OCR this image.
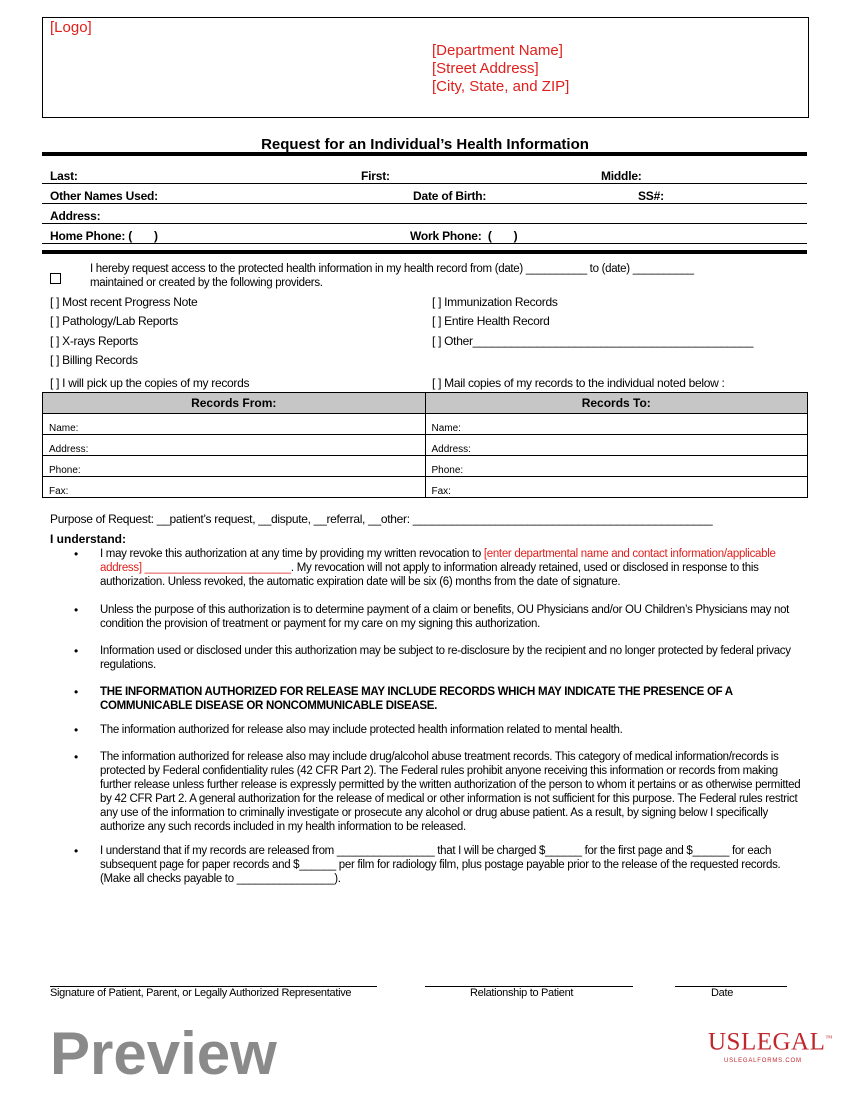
[Logo]
[Department Name]
[Street Address]
[City, State, and ZIP]
Request for an Individual’s Health Information
Last:	First:	Middle:
Other Names Used:	Date of Birth:	SS#:
Address:
Home Phone: (       )	Work Phone:  (       )
I hereby request access to the protected health information in my health record from (date) __________ to (date) __________
maintained or created by the following providers.
[ ] Most recent Progress Note
[ ] Pathology/Lab Reports
[ ] X-rays Reports
[ ] Billing Records
[ ] Immunization Records
[ ] Entire Health Record
[ ] Other____________________________________________
[ ] I will pick up the copies of my records	[ ] Mail copies of my records to the individual noted below :
Records From:	Records To:
Name:	Name:
Address:	Address:
Phone:	Phone:
Fax:	Fax:
Purpose of Request: __patient’s request, __dispute, __referral, __other: _______________________________________________
I understand:
•	I may revoke this authorization at any time by providing my written revocation to [enter departmental name and contact information/applicable address] ________________________. My revocation will not apply to information already retained, used or disclosed in response to this authorization. Unless revoked, the automatic expiration date will be six (6) months from the date of signature.
•	Unless the purpose of this authorization is to determine payment of a claim or benefits, OU Physicians and/or OU Children’s Physicians may not condition the provision of treatment or payment for my care on my signing this authorization.
•	Information used or disclosed under this authorization may be subject to re-disclosure by the recipient and no longer protected by federal privacy regulations.
•	THE INFORMATION AUTHORIZED FOR RELEASE MAY INCLUDE RECORDS WHICH MAY INDICATE THE PRESENCE OF A COMMUNICABLE DISEASE OR NONCOMMUNICABLE DISEASE.
•	The information authorized for release also may include protected health information related to mental health.
•	The information authorized for release also may include drug/alcohol abuse treatment records. This category of medical information/records is protected by Federal confidentiality rules (42 CFR Part 2). The Federal rules prohibit anyone receiving this information or records from making further release unless further release is expressly permitted by the written authorization of the person to whom it pertains or as otherwise permitted by 42 CFR Part 2. A general authorization for the release of medical or other information is not sufficient for this purpose. The Federal rules restrict any use of the information to criminally investigate or prosecute any alcohol or drug abuse patient. As a result, by signing below I specifically authorize any such records included in my health information to be released.
•	I understand that if my records are released from ________________ that I will be charged $______ for the first page and $______ for each subsequent page for paper records and $______ per film for radiology film, plus postage payable prior to the release of the requested records. (Make all checks payable to ________________).
Signature of Patient, Parent, or Legally Authorized Representative	Relationship to Patient	Date
USLEGAL™
USLEGALFORMS.COM
Preview
